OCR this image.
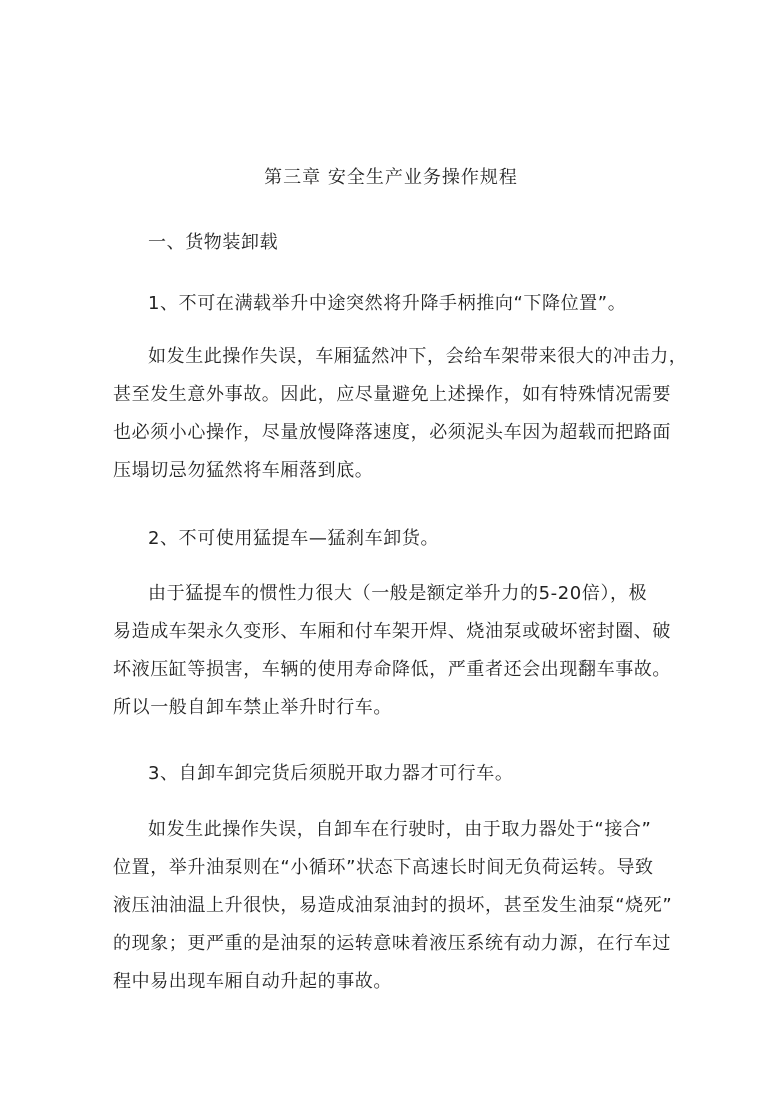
第三章 安全生产业务操作规程
一、货物装卸载
1、不可在满载举升中途突然将升降手柄推向“下降位置”。
如发生此操作失误，车厢猛然冲下，会给车架带来很大的冲击力，
甚至发生意外事故。因此，应尽量避免上述操作，如有特殊情况需要
也必须小心操作，尽量放慢降落速度，必须泥头车因为超载而把路面
压塌切忌勿猛然将车厢落到底。
2、不可使用猛提车—猛刹车卸货。
由于猛提车的惯性力很大（一般是额定举升力的5-20倍），极
易造成车架永久变形、车厢和付车架开焊、烧油泵或破坏密封圈、破
坏液压缸等损害，车辆的使用寿命降低，严重者还会出现翻车事故。
所以一般自卸车禁止举升时行车。
3、自卸车卸完货后须脱开取力器才可行车。
如发生此操作失误，自卸车在行驶时，由于取力器处于“接合”
位置，举升油泵则在“小循环”状态下高速长时间无负荷运转。导致
液压油油温上升很快，易造成油泵油封的损坏，甚至发生油泵“烧死”
的现象；更严重的是油泵的运转意味着液压系统有动力源，在行车过
程中易出现车厢自动升起的事故。
